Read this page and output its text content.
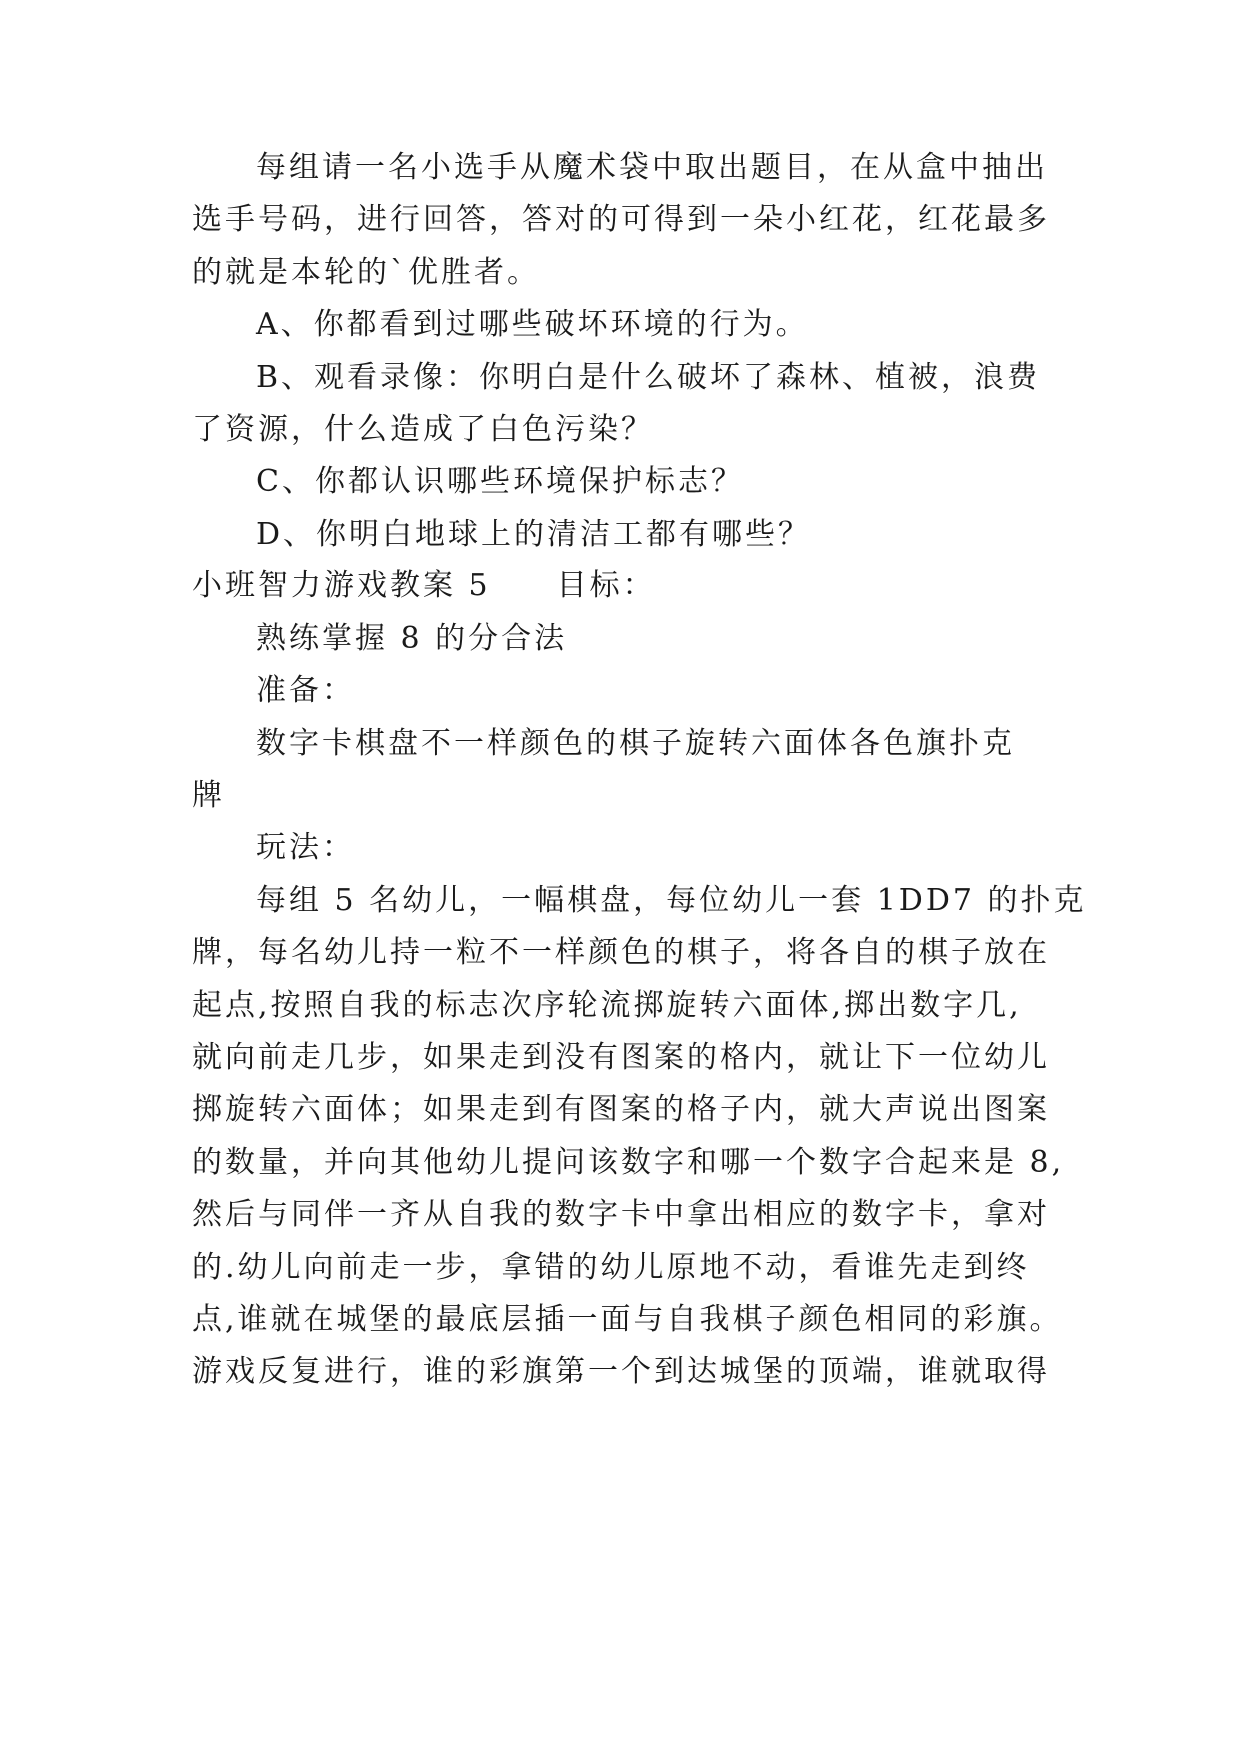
每组请一名小选手从魔术袋中取出题目，在从盒中抽出
选手号码，进行回答，答对的可得到一朵小红花，红花最多
的就是本轮的`优胜者。
A、你都看到过哪些破坏环境的行为。
B、观看录像：你明白是什么破坏了森林、植被，浪费
了资源，什么造成了白色污染？
C、你都认识哪些环境保护标志？
D、你明白地球上的清洁工都有哪些？
小班智力游戏教案 5　　目标：
熟练掌握 8 的分合法
准备：
数字卡棋盘不一样颜色的棋子旋转六面体各色旗扑克
牌
玩法：
每组 5 名幼儿，一幅棋盘，每位幼儿一套 1DD7 的扑克
牌，每名幼儿持一粒不一样颜色的棋子，将各自的棋子放在
起点,按照自我的标志次序轮流掷旋转六面体,掷出数字几,
就向前走几步，如果走到没有图案的格内，就让下一位幼儿
掷旋转六面体；如果走到有图案的格子内，就大声说出图案
的数量，并向其他幼儿提问该数字和哪一个数字合起来是 8,
然后与同伴一齐从自我的数字卡中拿出相应的数字卡，拿对
的.幼儿向前走一步，拿错的幼儿原地不动，看谁先走到终
点,谁就在城堡的最底层插一面与自我棋子颜色相同的彩旗。
游戏反复进行，谁的彩旗第一个到达城堡的顶端，谁就取得
